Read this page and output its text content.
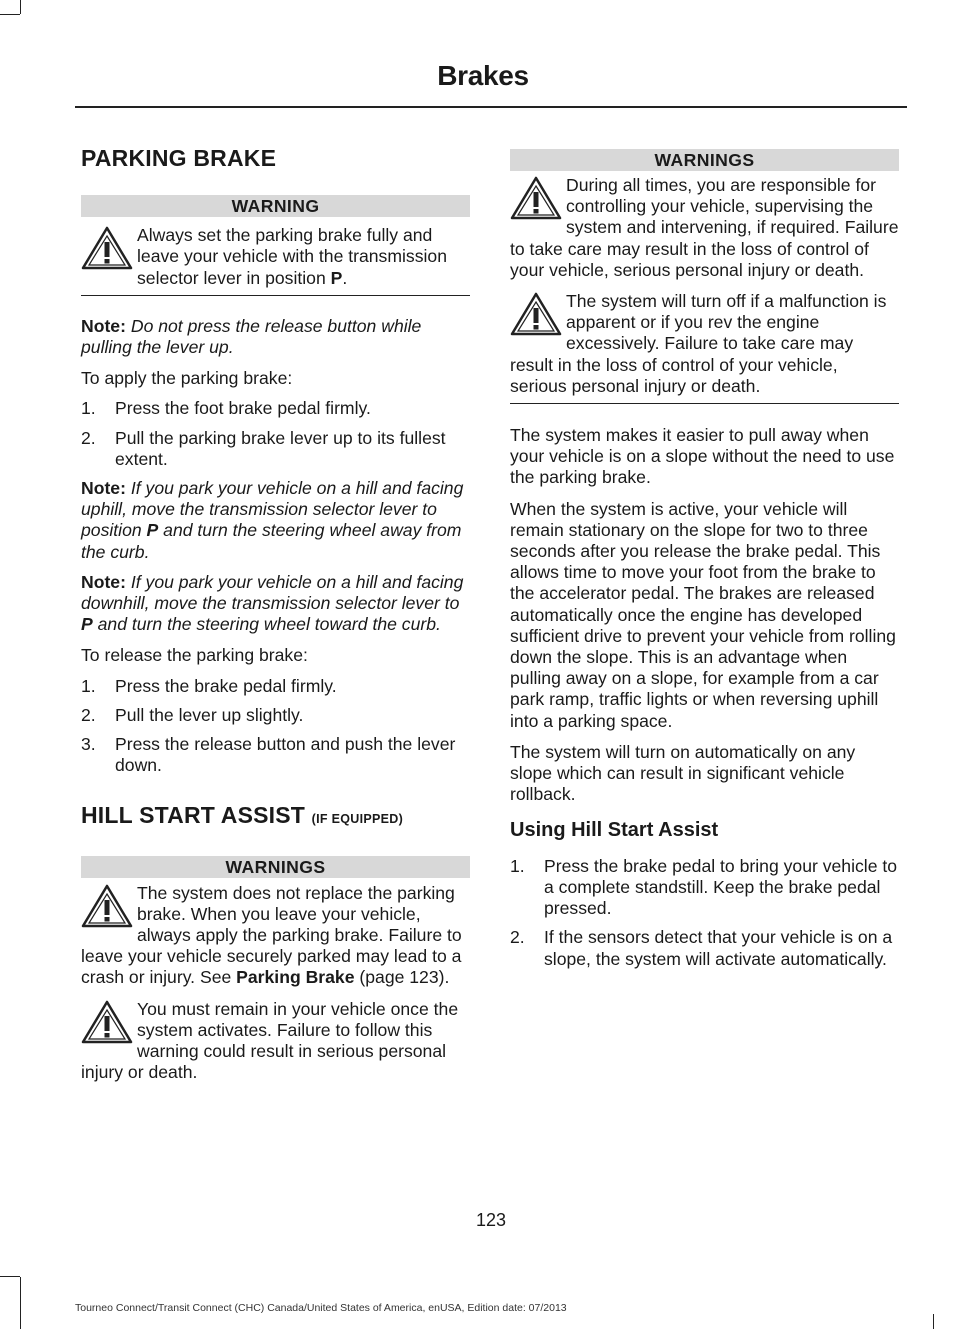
Brakes
PARKING BRAKE
WARNING
Always set the parking brake fully and leave your vehicle with the transmission selector lever in position P.

Note: Do not press the release button while pulling the lever up.

To apply the parking brake:

1. Press the foot brake pedal firmly.
2. Pull the parking brake lever up to its fullest extent.

Note: If you park your vehicle on a hill and facing uphill, move the transmission selector lever to position P and turn the steering wheel away from the curb.

Note: If you park your vehicle on a hill and facing downhill, move the transmission selector lever to P and turn the steering wheel toward the curb.

To release the parking brake:

1. Press the brake pedal firmly.
2. Pull the lever up slightly.
3. Press the release button and push the lever down.
HILL START ASSIST (IF EQUIPPED)
WARNINGS
The system does not replace the parking brake. When you leave your vehicle, always apply the parking brake. Failure to leave your vehicle securely parked may lead to a crash or injury. See Parking Brake (page 123).
You must remain in your vehicle once the system activates. Failure to follow this warning could result in serious personal injury or death.
WARNINGS
During all times, you are responsible for controlling your vehicle, supervising the system and intervening, if required. Failure to take care may result in the loss of control of your vehicle, serious personal injury or death.
The system will turn off if a malfunction is apparent or if you rev the engine excessively. Failure to take care may result in the loss of control of your vehicle, serious personal injury or death.

The system makes it easier to pull away when your vehicle is on a slope without the need to use the parking brake.

When the system is active, your vehicle will remain stationary on the slope for two to three seconds after you release the brake pedal. This allows time to move your foot from the brake to the accelerator pedal. The brakes are released automatically once the engine has developed sufficient drive to prevent your vehicle from rolling down the slope. This is an advantage when pulling away on a slope, for example from a car park ramp, traffic lights or when reversing uphill into a parking space.

The system will turn on automatically on any slope which can result in significant vehicle rollback.

Using Hill Start Assist
1. Press the brake pedal to bring your vehicle to a complete standstill. Keep the brake pedal pressed.
2. If the sensors detect that your vehicle is on a slope, the system will activate automatically.
123
Tourneo Connect/Transit Connect (CHC) Canada/United States of America, enUSA, Edition date: 07/2013
